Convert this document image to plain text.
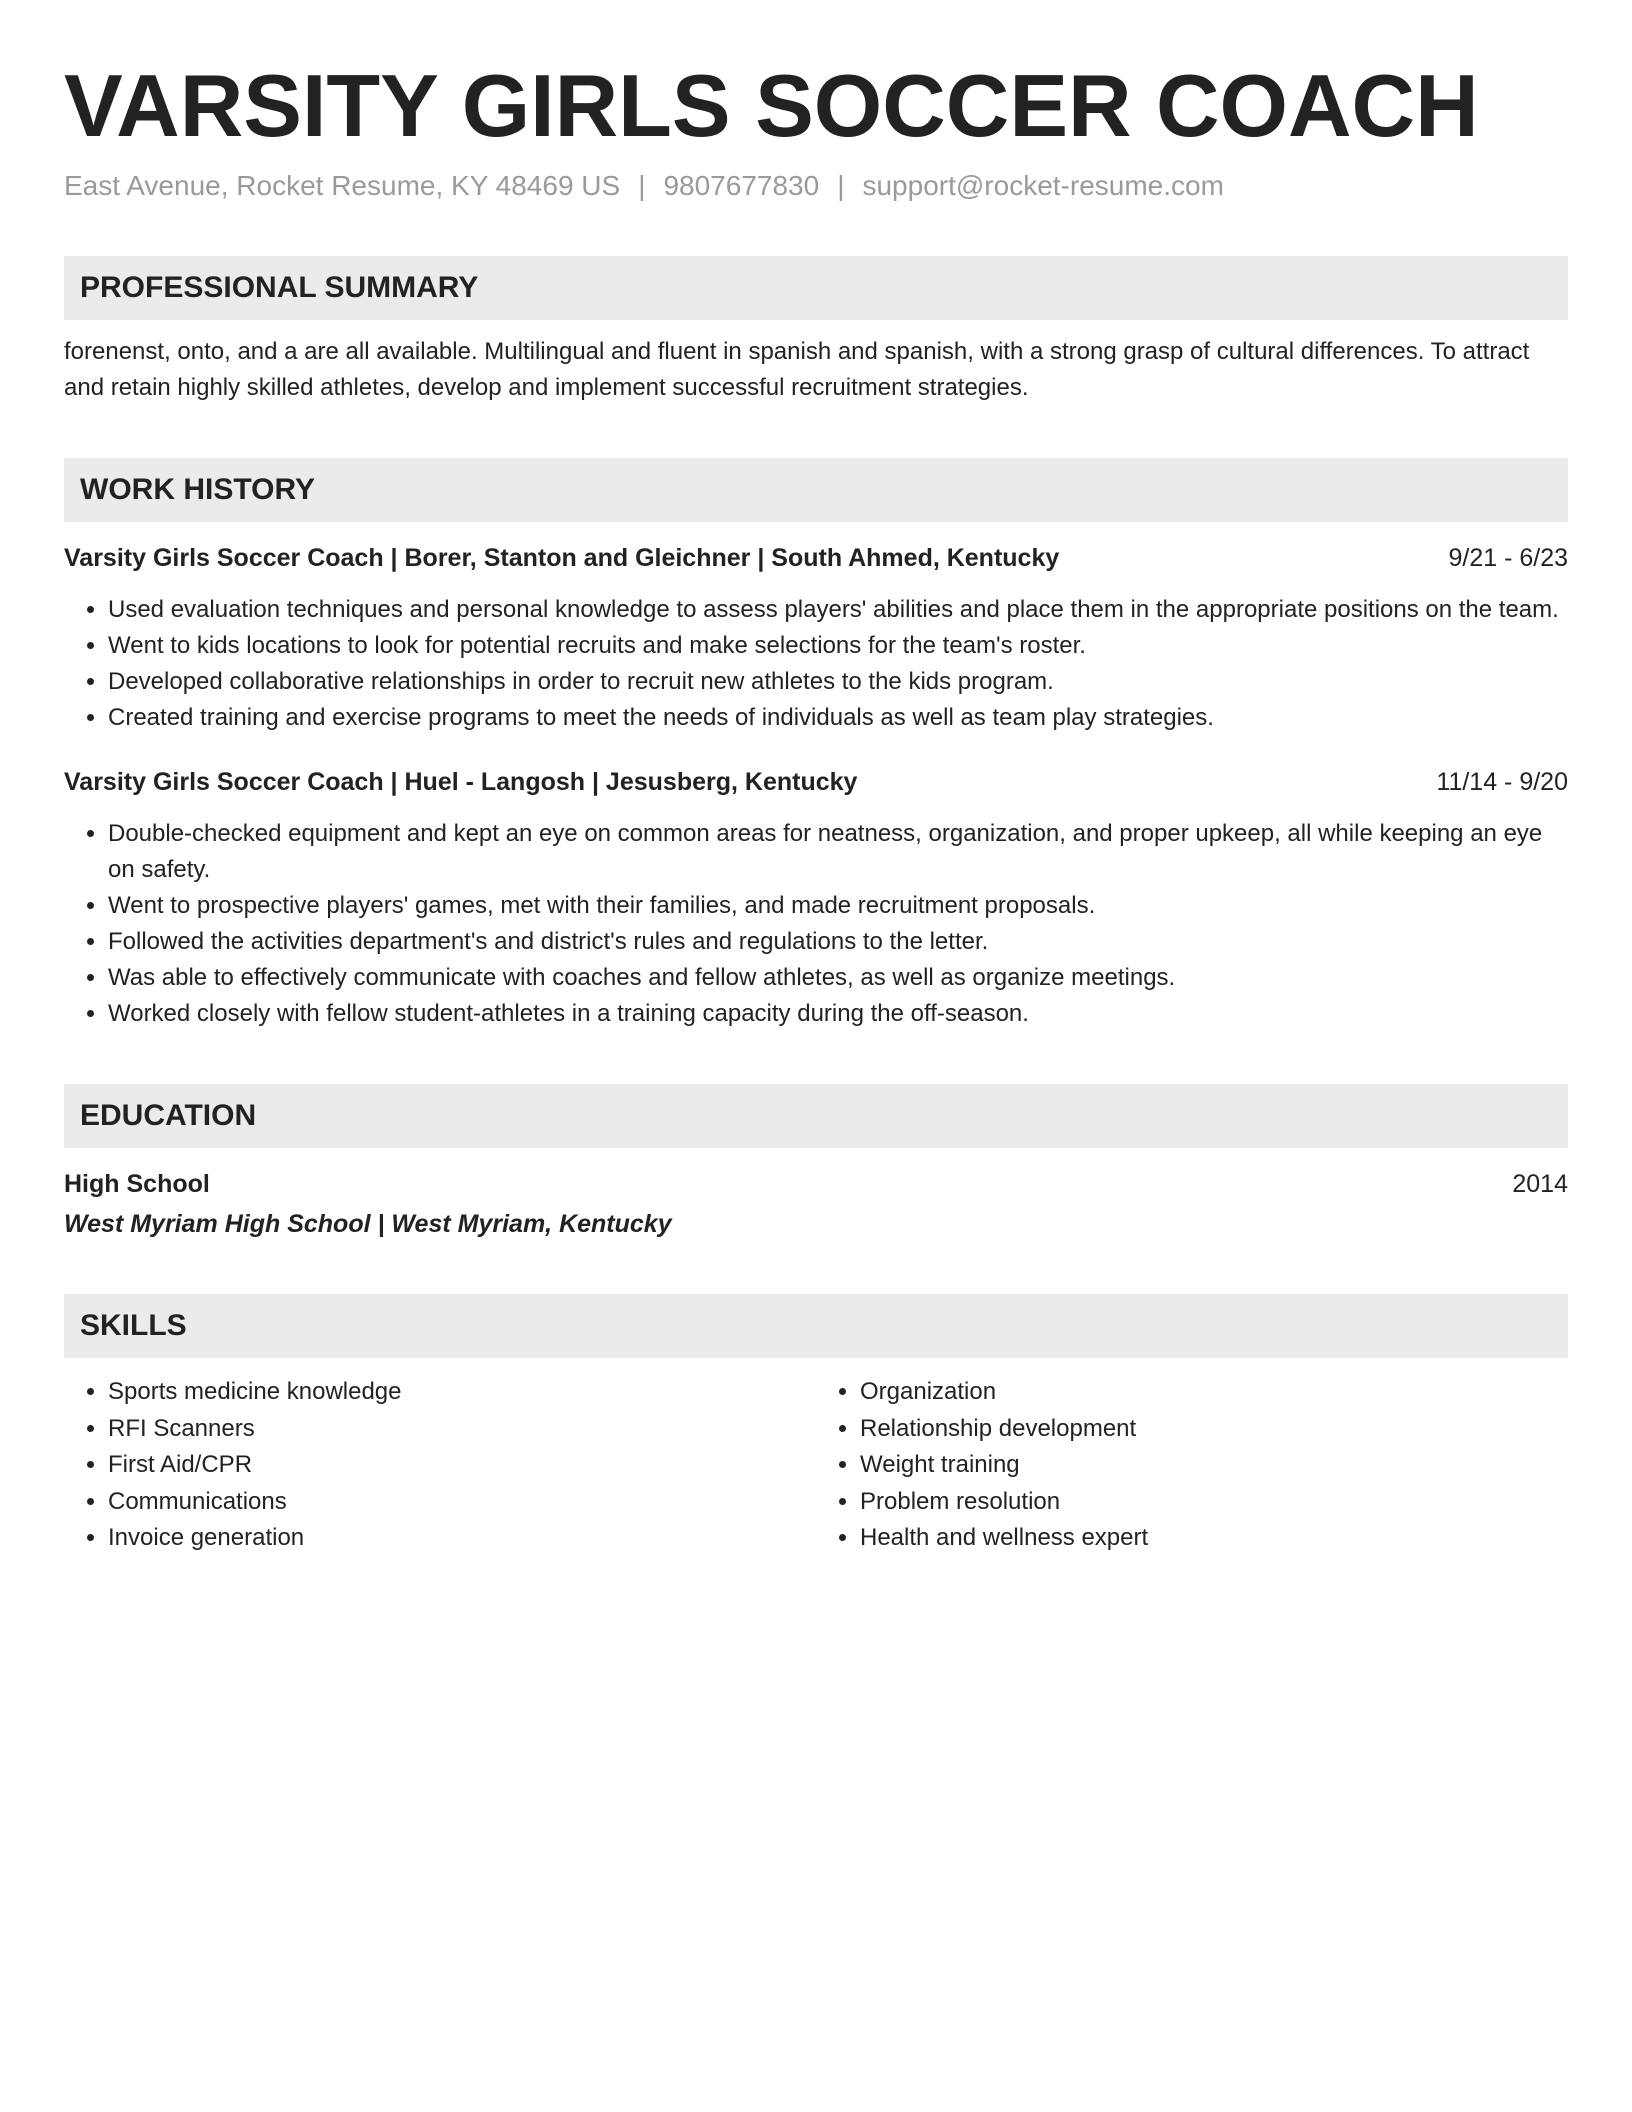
VARSITY GIRLS SOCCER COACH
East Avenue, Rocket Resume, KY 48469 US | 9807677830 | support@rocket-resume.com
PROFESSIONAL SUMMARY
forenenst, onto, and a are all available. Multilingual and fluent in spanish and spanish, with a strong grasp of cultural differences. To attract and retain highly skilled athletes, develop and implement successful recruitment strategies.
WORK HISTORY
Varsity Girls Soccer Coach | Borer, Stanton and Gleichner | South Ahmed, Kentucky	9/21 - 6/23
• Used evaluation techniques and personal knowledge to assess players' abilities and place them in the appropriate positions on the team.
• Went to kids locations to look for potential recruits and make selections for the team's roster.
• Developed collaborative relationships in order to recruit new athletes to the kids program.
• Created training and exercise programs to meet the needs of individuals as well as team play strategies.
Varsity Girls Soccer Coach | Huel - Langosh | Jesusberg, Kentucky	11/14 - 9/20
• Double-checked equipment and kept an eye on common areas for neatness, organization, and proper upkeep, all while keeping an eye on safety.
• Went to prospective players' games, met with their families, and made recruitment proposals.
• Followed the activities department's and district's rules and regulations to the letter.
• Was able to effectively communicate with coaches and fellow athletes, as well as organize meetings.
• Worked closely with fellow student-athletes in a training capacity during the off-season.
EDUCATION
High School	2014
West Myriam High School | West Myriam, Kentucky
SKILLS
• Sports medicine knowledge
• RFI Scanners
• First Aid/CPR
• Communications
• Invoice generation
• Organization
• Relationship development
• Weight training
• Problem resolution
• Health and wellness expert
